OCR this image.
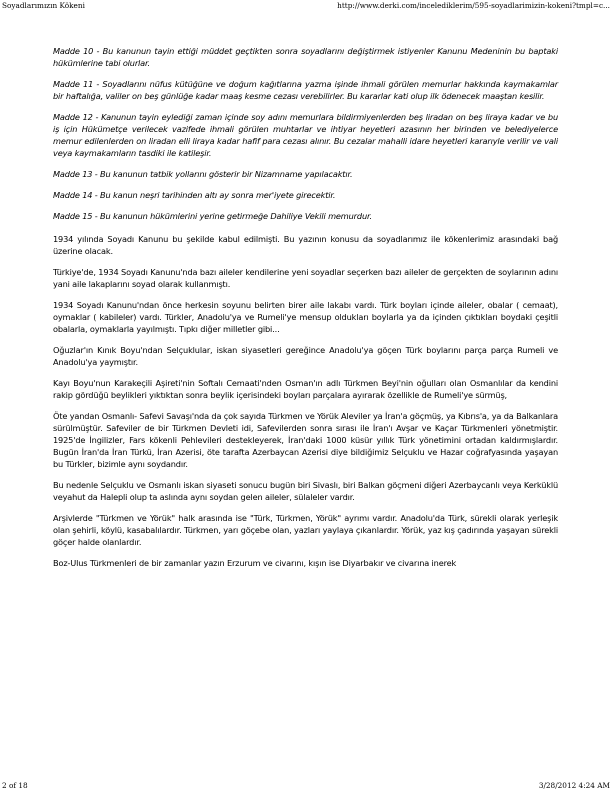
Soyadlarımızın Kökeni	http://www.derki.com/incelediklerim/595-soyadlarimizin-kokeni?tmpl=c...

Madde 10 - Bu kanunun tayin ettiği müddet geçtikten sonra soyadlarını değiştirmek istiyenler Kanunu Medeninin bu baptaki hükümlerine tabi olurlar.

Madde 11 - Soyadlarını nüfus kütüğüne ve doğum kağıtlarına yazma işinde ihmali görülen memurlar hakkında kaymakamlar bir haftalığa, valiler on beş günlüğe kadar maaş kesme cezası verebilirler. Bu kararlar kati olup ilk ödenecek maaştan kesilir.

Madde 12 - Kanunun tayin eylediği zaman içinde soy adını memurlara bildirmiyenlerden beş liradan on beş liraya kadar ve bu iş için Hükümetçe verilecek vazifede ihmali görülen muhtarlar ve ihtiyar heyetleri azasının her birinden ve belediyelerce memur edilenlerden on liradan elli liraya kadar hafif para cezası alınır. Bu cezalar mahalli idare heyetleri kararıyle verilir ve vali veya kaymakamların tasdiki ile katileşir.

Madde 13 - Bu kanunun tatbik yollarını gösterir bir Nizamname yapılacaktır.

Madde 14 - Bu kanun neşri tarihinden altı ay sonra mer'iyete girecektir.

Madde 15 - Bu kanunun hükümlerini yerine getirmeğe Dahiliye Vekili memurdur.

1934 yılında Soyadı Kanunu bu şekilde kabul edilmişti. Bu yazının konusu da soyadlarımız ile kökenlerimiz arasındaki bağ üzerine olacak.

Türkiye'de, 1934 Soyadı Kanunu'nda bazı aileler kendilerine yeni soyadlar seçerken bazı aileler de gerçekten de soylarının adını yani aile lakaplarını soyad olarak kullanmıştı.

1934 Soyadı Kanunu'ndan önce herkesin soyunu belirten birer aile lakabı vardı. Türk boyları içinde aileler, obalar ( cemaat), oymaklar ( kabileler) vardı. Türkler, Anadolu'ya ve Rumeli'ye mensup oldukları boylarla ya da içinden çıktıkları boydaki çeşitli obalarla, oymaklarla yayılmıştı. Tıpkı diğer milletler gibi...

Oğuzlar'ın Kınık Boyu'ndan Selçuklular, iskan siyasetleri gereğince Anadolu'ya göçen Türk boylarını parça parça Rumeli ve Anadolu'ya yaymıştır.

Kayı Boyu'nun Karakeçili Aşireti'nin Softalı Cemaati'nden Osman'ın adlı Türkmen Beyi'nin oğulları olan Osmanlılar da kendini rakip gördüğü beylikleri yıktıktan sonra beylik içerisindeki boyları parçalara ayırarak özellikle de Rumeli'ye sürmüş,

Öte yandan Osmanlı- Safevi Savaşı'nda da çok sayıda Türkmen ve Yörük Aleviler ya İran'a göçmüş, ya Kıbrıs'a, ya da Balkanlara sürülmüştür. Safeviler de bir Türkmen Devleti idi, Safevilerden sonra sırası ile İran'ı Avşar ve Kaçar Türkmenleri yönetmiştir. 1925'de İngilizler, Fars kökenli Pehlevileri destekleyerek, İran'daki 1000 küsür yıllık Türk yönetimini ortadan kaldırmışlardır. Bugün İran'da İran Türkü, İran Azerisi, öte tarafta Azerbaycan Azerisi diye bildiğimiz Selçuklu ve Hazar coğrafyasında yaşayan bu Türkler, bizimle aynı soydandır.

Bu nedenle Selçuklu ve Osmanlı iskan siyaseti sonucu bugün biri Sivaslı, biri Balkan göçmeni diğeri Azerbaycanlı veya Kerküklü veyahut da Halepli olup ta aslında aynı soydan gelen aileler, sülaleler vardır.

Arşivlerde "Türkmen ve Yörük" halk arasında ise "Türk, Türkmen, Yörük" ayrımı vardır. Anadolu'da Türk, sürekli olarak yerleşik olan şehirli, köylü, kasabalılardır. Türkmen, yarı göçebe olan, yazları yaylaya çıkanlardır. Yörük, yaz kış çadırında yaşayan sürekli göçer halde olanlardır.

Boz-Ulus Türkmenleri de bir zamanlar yazın Erzurum ve civarını, kışın ise Diyarbakır ve civarına inerek

2 of 18	3/28/2012 4:24 AM
